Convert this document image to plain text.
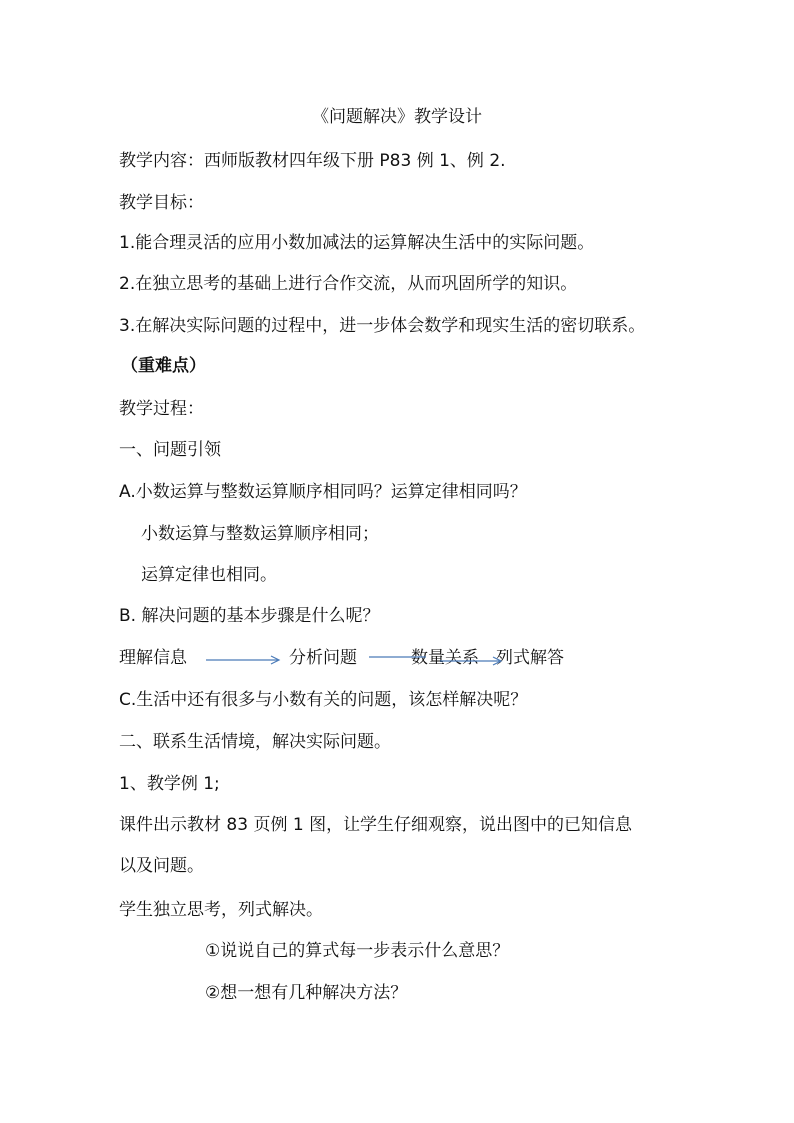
《问题解决》教学设计
教学内容：西师版教材四年级下册 P83 例 1、例 2.
教学目标：
1.能合理灵活的应用小数加减法的运算解决生活中的实际问题。
2.在独立思考的基础上进行合作交流，从而巩固所学的知识。
3.在解决实际问题的过程中，进一步体会数学和现实生活的密切联系。
（重难点）
教学过程：
一、问题引领
A.小数运算与整数运算顺序相同吗？运算定律相同吗？
小数运算与整数运算顺序相同；
运算定律也相同。
B. 解决问题的基本步骤是什么呢？
理解信息	分析问题	数量关系 列式解答
C.生活中还有很多与小数有关的问题，该怎样解决呢？
二、联系生活情境，解决实际问题。
1、教学例 1;
课件出示教材 83 页例 1 图，让学生仔细观察，说出图中的已知信息
以及问题。
学生独立思考，列式解决。
①说说自己的算式每一步表示什么意思？
②想一想有几种解决方法？
